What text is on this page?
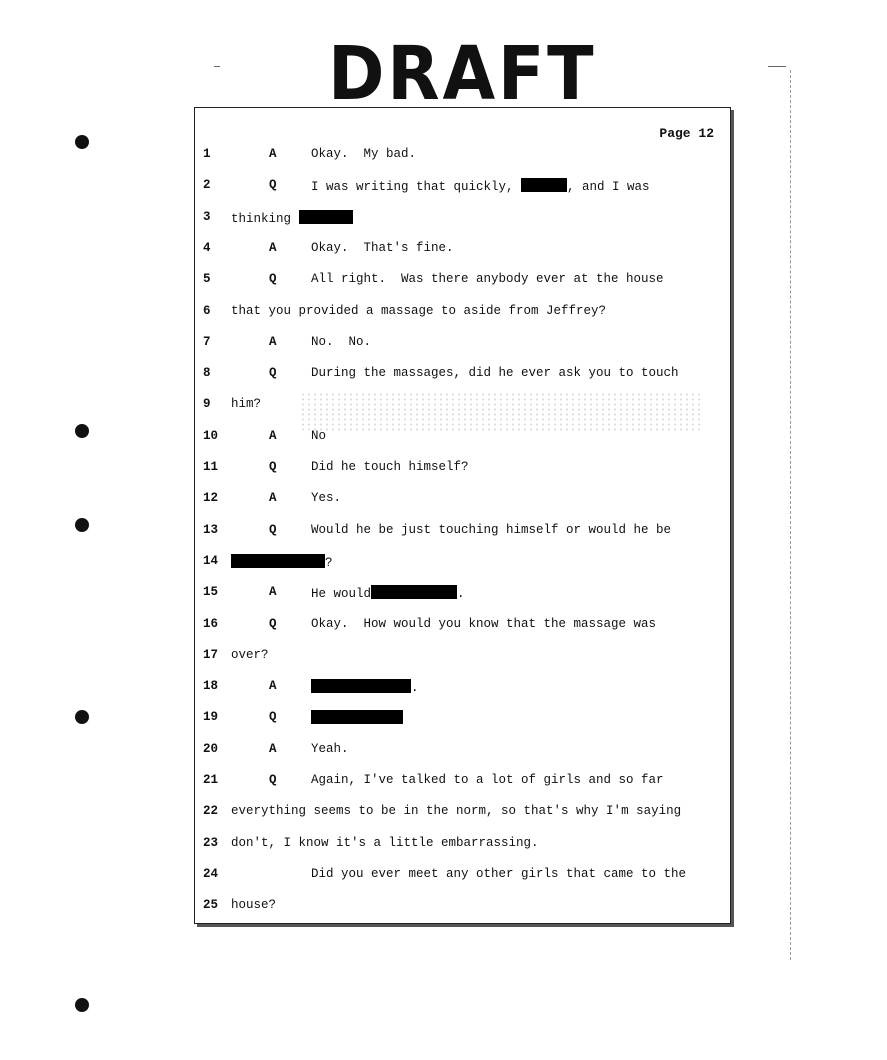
DRAFT
Page 12
1	A	Okay.  My bad.
2	Q	I was writing that quickly,	, and I was
3	thinking
4	A	Okay.  That's fine.
5	Q	All right.  Was there anybody ever at the house
6	that you provided a massage to aside from Jeffrey?
7	A	No.  No.
8	Q	During the massages, did he ever ask you to touch
9	him?
10	A	No
11	Q	Did he touch himself?
12	A	Yes.
13	Q	Would he be just touching himself or would he be
14	?
15	A	He would	.
16	Q	Okay.  How would you know that the massage was
17	over?
18	A	.
19	Q
20	A	Yeah.
21	Q	Again, I've talked to a lot of girls and so far
22	everything seems to be in the norm, so that's why I'm saying
23	don't, I know it's a little embarrassing.
24	Did you ever meet any other girls that came to the
25	house?
